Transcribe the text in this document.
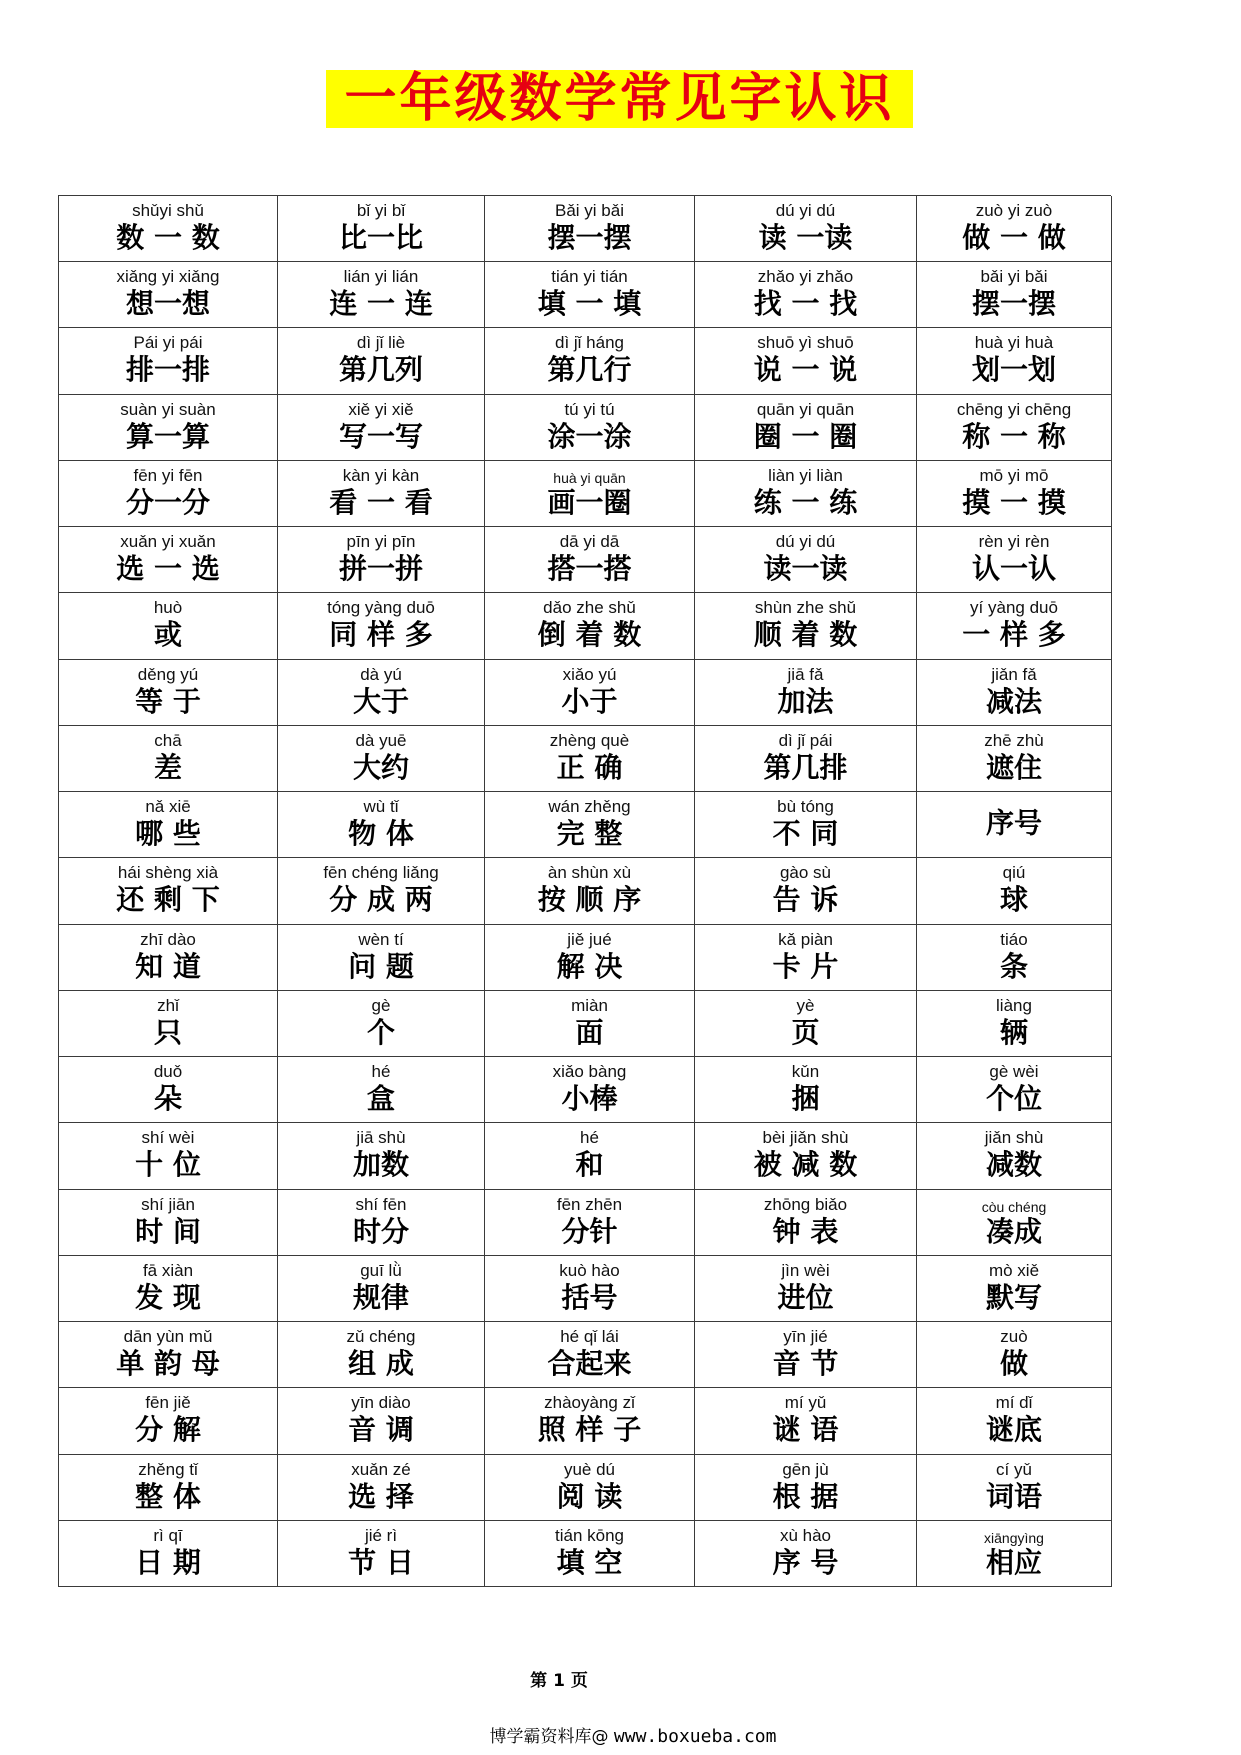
一年级数学常见字认识
shǔyi shǔ
数 一 数
bǐ yi bǐ
比一比
Bǎi yi bǎi
摆一摆
dú yi dú
读 一读
zuò yi zuò
做 一 做
xiǎng yi xiǎng
想一想
lián yi lián
连 一 连
tián yi tián
填 一 填
zhǎo yi zhǎo
找 一 找
bǎi yi bǎi
摆一摆
Pái yi pái
排一排
dì jǐ liè
第几列
dì jǐ háng
第几行
shuō yì shuō
说 一 说
huà yi huà
划一划
suàn yi suàn
算一算
xiě yi xiě
写一写
tú yi tú
涂一涂
quān yi quān
圈 一 圈
chēng yi chēng
称 一 称
fēn yi fēn
分一分
kàn yi kàn
看 一 看
huà yi quān
画一圈
liàn yi liàn
练 一 练
mō yi mō
摸 一 摸
xuǎn yi xuǎn
选 一 选
pīn yi pīn
拼一拼
dā yi dā
搭一搭
dú yi dú
读一读
rèn yi rèn
认一认
huò
或
tóng yàng duō
同 样 多
dǎo zhe shǔ
倒 着 数
shùn zhe shǔ
顺 着 数
yí yàng duō
一 样 多
děng yú
等 于
dà yú
大于
xiǎo yú
小于
jiā fǎ
加法
jiǎn fǎ
减法
chā
差
dà yuē
大约
zhèng què
正 确
dì jǐ pái
第几排
zhē zhù
遮住
nǎ xiē
哪 些
wù tǐ
物 体
wán zhěng
完 整
bù tóng
不 同	序号
hái shèng xià
还 剩 下
fēn chéng liǎng
分 成 两
àn shùn xù
按 顺 序
gào sù
告 诉
qiú
球
zhī dào
知 道
wèn tí
问 题
jiě jué
解 决
kǎ piàn
卡 片
tiáo
条
zhǐ
只
gè
个
miàn
面
yè
页
liàng
辆
duǒ
朵
hé
盒
xiǎo bàng
小棒
kǔn
捆
gè wèi
个位
shí wèi
十 位
jiā shù
加数
hé
和
bèi jiǎn shù
被 减 数
jiǎn shù
减数
shí jiān
时 间
shí fēn
时分
fēn zhēn
分针
zhōng biǎo
钟 表
còu chéng
凑成
fā xiàn
发 现
guī lǜ
规律
kuò hào
括号
jìn wèi
进位
mò xiě
默写
dān yùn mǔ
单 韵 母
zǔ chéng
组 成
hé qǐ lái
合起来
yīn jié
音 节
zuò
做
fēn jiě
分 解
yīn diào
音 调
zhàoyàng zǐ
照 样 子
mí yǔ
谜 语
mí dǐ
谜底
zhěng tǐ
整 体
xuǎn zé
选 择
yuè dú
阅 读
gēn jù
根 据
cí yǔ
词语
rì qī
日 期
jié rì
节 日
tián kōng
填 空
xù hào
序 号
xiāngyìng
相应
第 1 页
博学霸资料库@ www.boxueba.com
